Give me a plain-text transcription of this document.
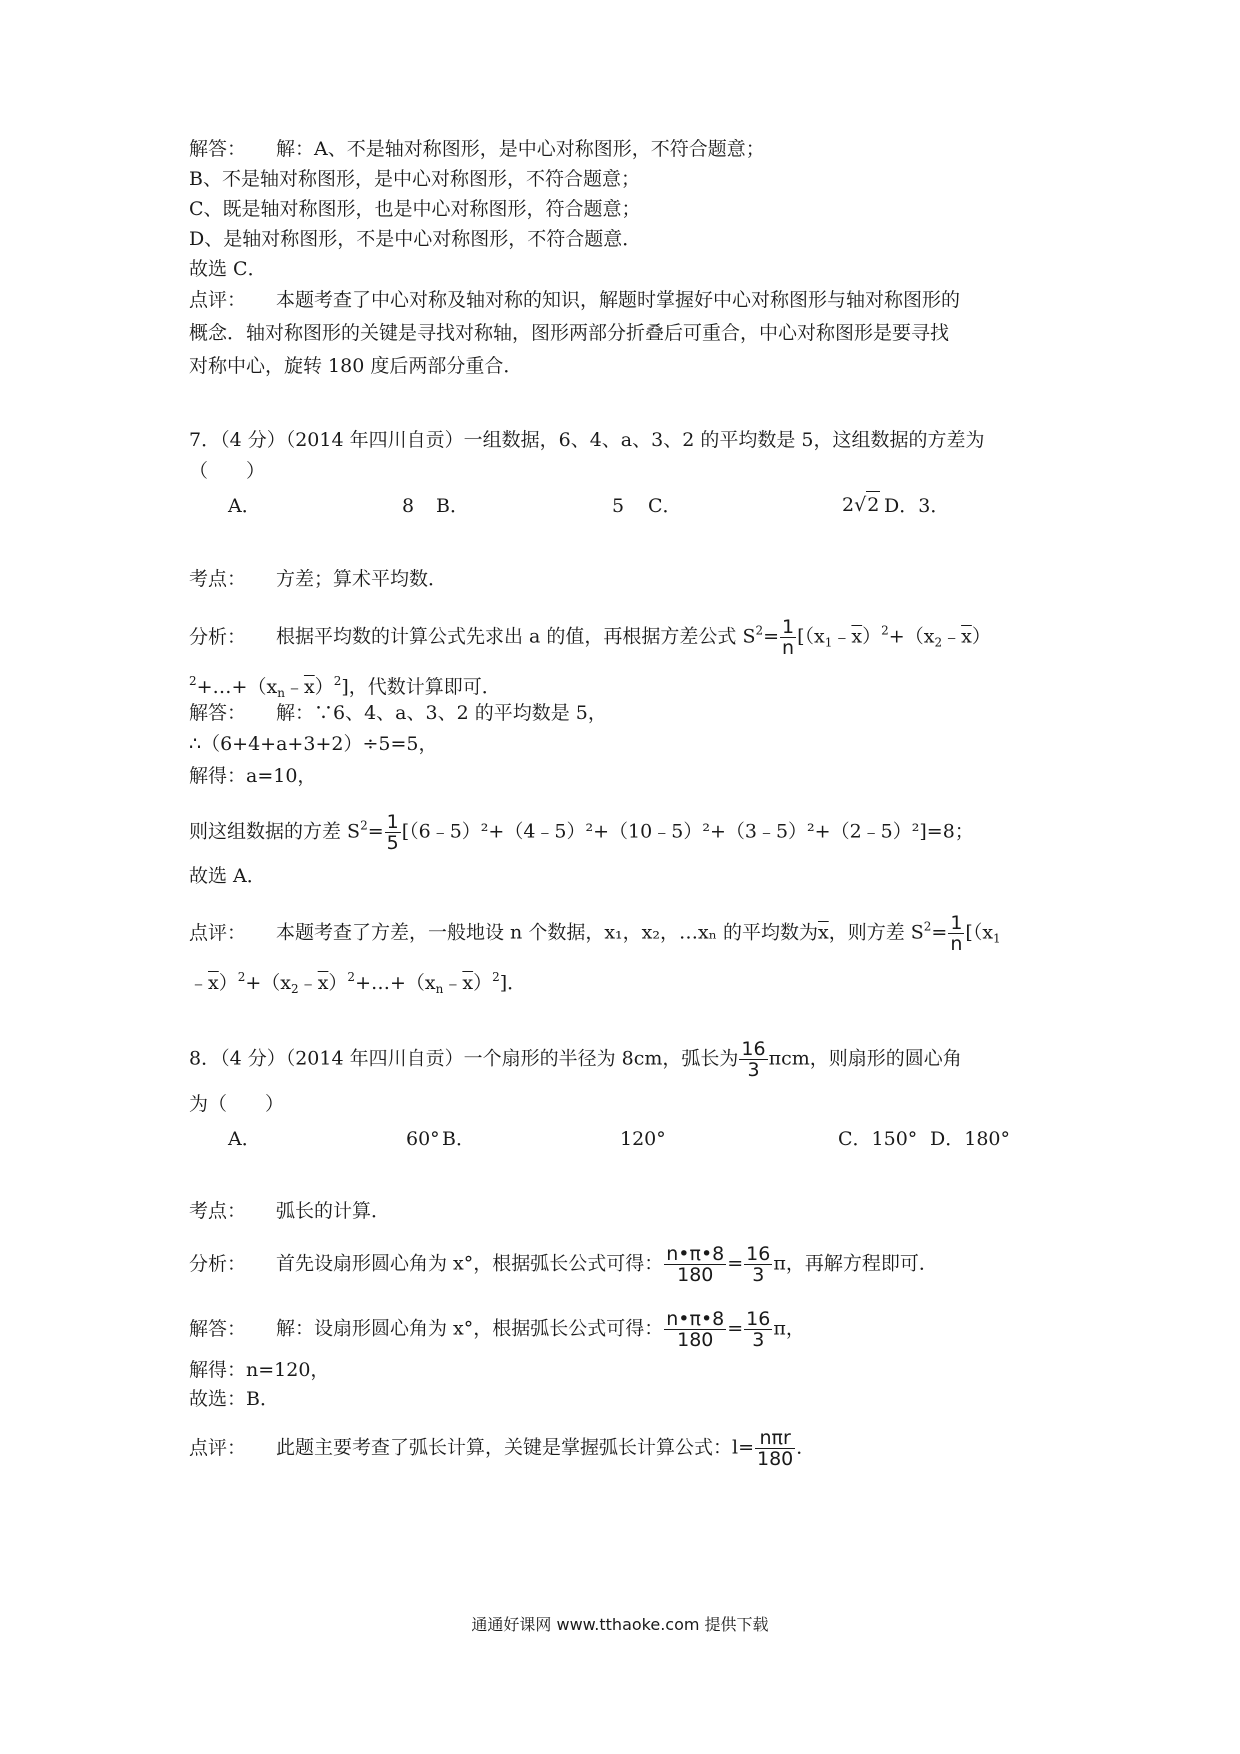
解答： 解：A、不是轴对称图形，是中心对称图形，不符合题意；
B、不是轴对称图形，是中心对称图形，不符合题意；
C、既是轴对称图形，也是中心对称图形，符合题意；
D、是轴对称图形，不是中心对称图形，不符合题意．
故选 C．
点评： 本题考查了中心对称及轴对称的知识，解题时掌握好中心对称图形与轴对称图形的
概念．轴对称图形的关键是寻找对称轴，图形两部分折叠后可重合，中心对称图形是要寻找
对称中心，旋转 180 度后两部分重合．
7．（4 分）（2014 年四川自贡）一组数据，6、4、a、3、2 的平均数是 5，这组数据的方差为
（　　）
A．	8 B．	5 C．	2√2 D．3．
考点： 方差；算术平均数．
分析： 根据平均数的计算公式先求出 a 的值，再根据方差公式 $S^2= \frac{1}{n}$ [$(x_1﹣\overline{x})^2+(x_2﹣\overline{x})$
$^2+\dots+(x_n﹣\overline{x})^2$]，代数计算即可．
解答： 解：∵6、4、a、3、2 的平均数是 5，
∴（6+4+a+3+2）÷5=5，
解得：a=10，
则这组数据的方差 $S^2= \frac{1}{5}$ [（6﹣5）²+（4﹣5）²+（10﹣5）²+（3﹣5）²+（2﹣5）²]=8；
故选 A．
点评： 本题考查了方差，一般地设 n 个数据，x₁，x₂，…xₙ 的平均数为$\overline{x}$，则方差 $S^2= \frac{1}{n} [(x_1$
$﹣\overline{x})^2+(x_2﹣\overline{x})^2+\dots+(x_n﹣\overline{x})^2$]．
8．（4 分）（2014 年四川自贡）一个扇形的半径为 8cm，弧长为 $\frac{16}{3}$ πcm，则扇形的圆心角
为（　　）
A．	60° B．	120°	C．150° D．180°
考点： 弧长的计算．
分析： 首先设扇形圆心角为 x°，根据弧长公式可得： $\frac{n•\pi•8}{180} = \frac{16}{3}$ π，再解方程即可．
解答： 解：设扇形圆心角为 x°，根据弧长公式可得： $\frac{n•\pi•8}{180} = \frac{16}{3}$ π，
解得：n=120，
故选：B．
点评： 此题主要考查了弧长计算，关键是掌握弧长计算公式：$l= \frac{\text{nπr}}{180}$ ．
通通好课网 www.tthaoke.com 提供下载
